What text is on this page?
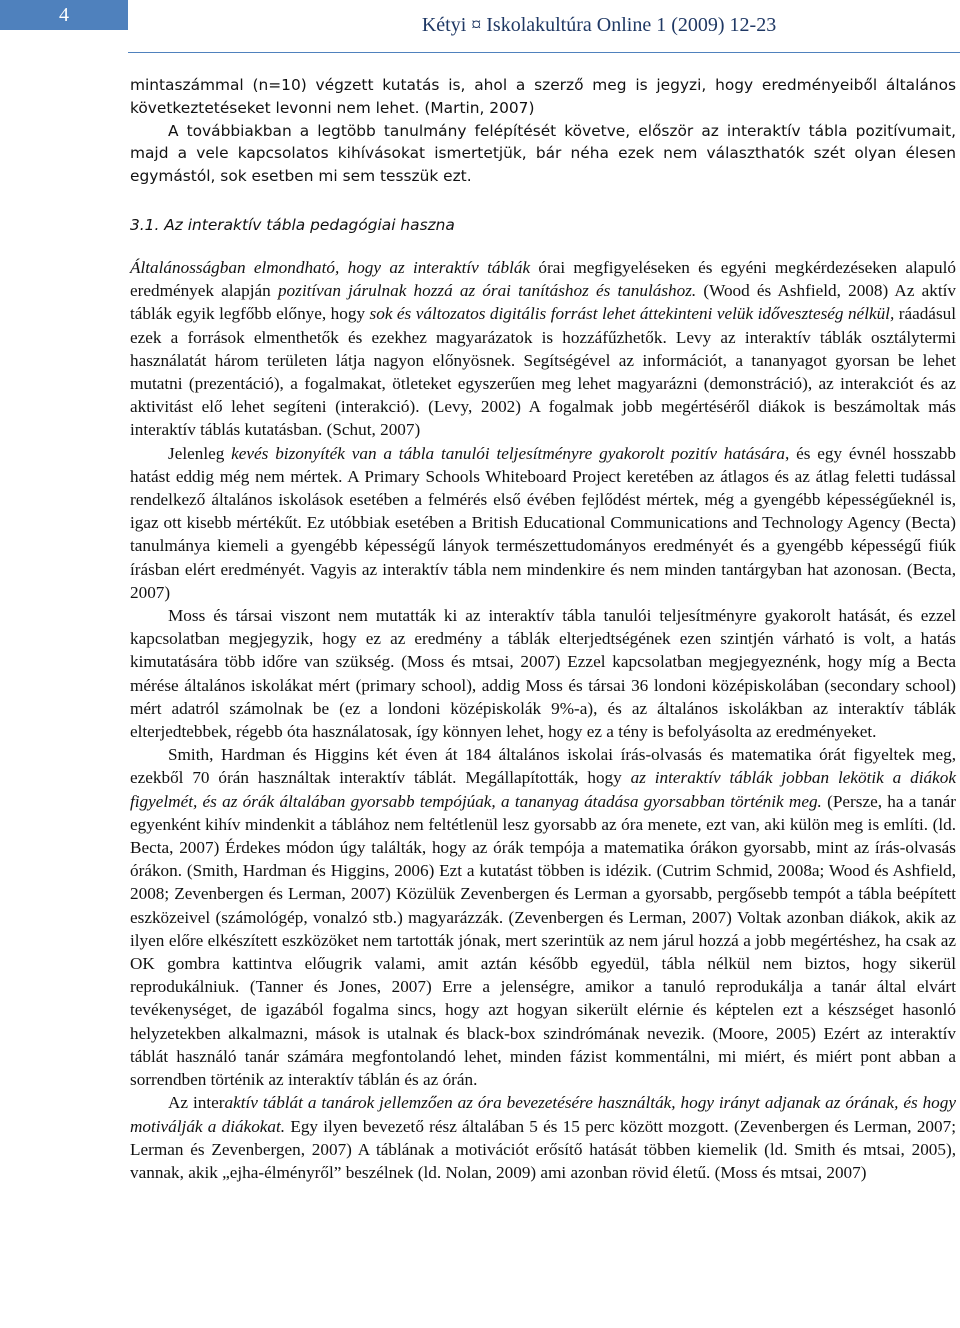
4	Kétyi ¤ Iskolakultúra Online 1 (2009) 12-23

mintaszámmal (n=10) végzett kutatás is, ahol a szerző meg is jegyzi, hogy eredményeiből általános következtetéseket levonni nem lehet. (Martin, 2007)

A továbbiakban a legtöbb tanulmány felépítését követve, először az interaktív tábla pozitívumait, majd a vele kapcsolatos kihívásokat ismertetjük, bár néha ezek nem választhatók szét olyan élesen egymástól, sok esetben mi sem tesszük ezt.

3.1. Az interaktív tábla pedagógiai haszna

Általánosságban elmondható, hogy az interaktív táblák órai megfigyeléseken és egyéni megkérdezéseken alapuló eredmények alapján pozitívan járulnak hozzá az órai tanításhoz és tanuláshoz. (Wood és Ashfield, 2008) Az aktív táblák egyik legfőbb előnye, hogy sok és változatos digitális forrást lehet áttekinteni velük időveszteség nélkül, ráadásul ezek a források elmenthetők és ezekhez magyarázatok is hozzáfűzhetők. Levy az interaktív táblák osztálytermi használatát három területen látja nagyon előnyösnek. Segítségével az információt, a tananyagot gyorsan be lehet mutatni (prezentáció), a fogalmakat, ötleteket egyszerűen meg lehet magyarázni (demonstráció), az interakciót és az aktivitást elő lehet segíteni (interakció). (Levy, 2002) A fogalmak jobb megértéséről diákok is beszámoltak más interaktív táblás kutatásban. (Schut, 2007)

Jelenleg kevés bizonyíték van a tábla tanulói teljesítményre gyakorolt pozitív hatására, és egy évnél hosszabb hatást eddig még nem mértek. A Primary Schools Whiteboard Project keretében az átlagos és az átlag feletti tudással rendelkező általános iskolások esetében a felmérés első évében fejlődést mértek, még a gyengébb képességűeknél is, igaz ott kisebb mértékűt. Ez utóbbiak esetében a British Educational Communications and Technology Agency (Becta) tanulmánya kiemeli a gyengébb képességű lányok természettudományos eredményét és a gyengébb képességű fiúk írásban elért eredményét. Vagyis az interaktív tábla nem mindenkire és nem minden tantárgyban hat azonosan. (Becta, 2007)

Moss és társai viszont nem mutatták ki az interaktív tábla tanulói teljesítményre gyakorolt hatását, és ezzel kapcsolatban megjegyzik, hogy ez az eredmény a táblák elterjedtségének ezen szintjén várható is volt, a hatás kimutatására több időre van szükség. (Moss és mtsai, 2007) Ezzel kapcsolatban megjegyeznénk, hogy míg a Becta mérése általános iskolákat mért (primary school), addig Moss és társai 36 londoni középiskolában (secondary school) mért adatról számolnak be (ez a londoni középiskolák 9%-a), és az általános iskolákban az interaktív táblák elterjedtebbek, régebb óta használatosak, így könnyen lehet, hogy ez a tény is befolyásolta az eredményeket.

Smith, Hardman és Higgins két éven át 184 általános iskolai írás-olvasás és matematika órát figyeltek meg, ezekből 70 órán használtak interaktív táblát. Megállapították, hogy az interaktív táblák jobban lekötik a diákok figyelmét, és az órák általában gyorsabb tempójúak, a tananyag átadása gyorsabban történik meg. (Persze, ha a tanár egyenként kihív mindenkit a táblához nem feltétlenül lesz gyorsabb az óra menete, ezt van, aki külön meg is említi. (ld. Becta, 2007) Érdekes módon úgy találták, hogy az órák tempója a matematika órákon gyorsabb, mint az írás-olvasás órákon. (Smith, Hardman és Higgins, 2006) Ezt a kutatást többen is idézik. (Cutrim Schmid, 2008a; Wood és Ashfield, 2008; Zevenbergen és Lerman, 2007) Közülük Zevenbergen és Lerman a gyorsabb, pergősebb tempót a tábla beépített eszközeivel (számológép, vonalzó stb.) magyarázzák. (Zevenbergen és Lerman, 2007) Voltak azonban diákok, akik az ilyen előre elkészített eszközöket nem tartották jónak, mert szerintük az nem járul hozzá a jobb megértéshez, ha csak az OK gombra kattintva előugrik valami, amit aztán később egyedül, tábla nélkül nem biztos, hogy sikerül reprodukálniuk. (Tanner és Jones, 2007) Erre a jelenségre, amikor a tanuló reprodukálja a tanár által elvárt tevékenységet, de igazából fogalma sincs, hogy azt hogyan sikerült elérnie és képtelen ezt a készséget hasonló helyzetekben alkalmazni, mások is utalnak és black-box szindrómának nevezik. (Moore, 2005) Ezért az interaktív táblát használó tanár számára megfontolandó lehet, minden fázist kommentálni, mi miért, és miért pont abban a sorrendben történik az interaktív táblán és az órán.

Az interaktív táblát a tanárok jellemzően az óra bevezetésére használták, hogy irányt adjanak az órának, és hogy motiválják a diákokat. Egy ilyen bevezető rész általában 5 és 15 perc között mozgott. (Zevenbergen és Lerman, 2007; Lerman és Zevenbergen, 2007) A táblának a motivációt erősítő hatását többen kiemelik (ld. Smith és mtsai, 2005), vannak, akik „ejha-élményről” beszélnek (ld. Nolan, 2009) ami azonban rövid életű. (Moss és mtsai, 2007)
